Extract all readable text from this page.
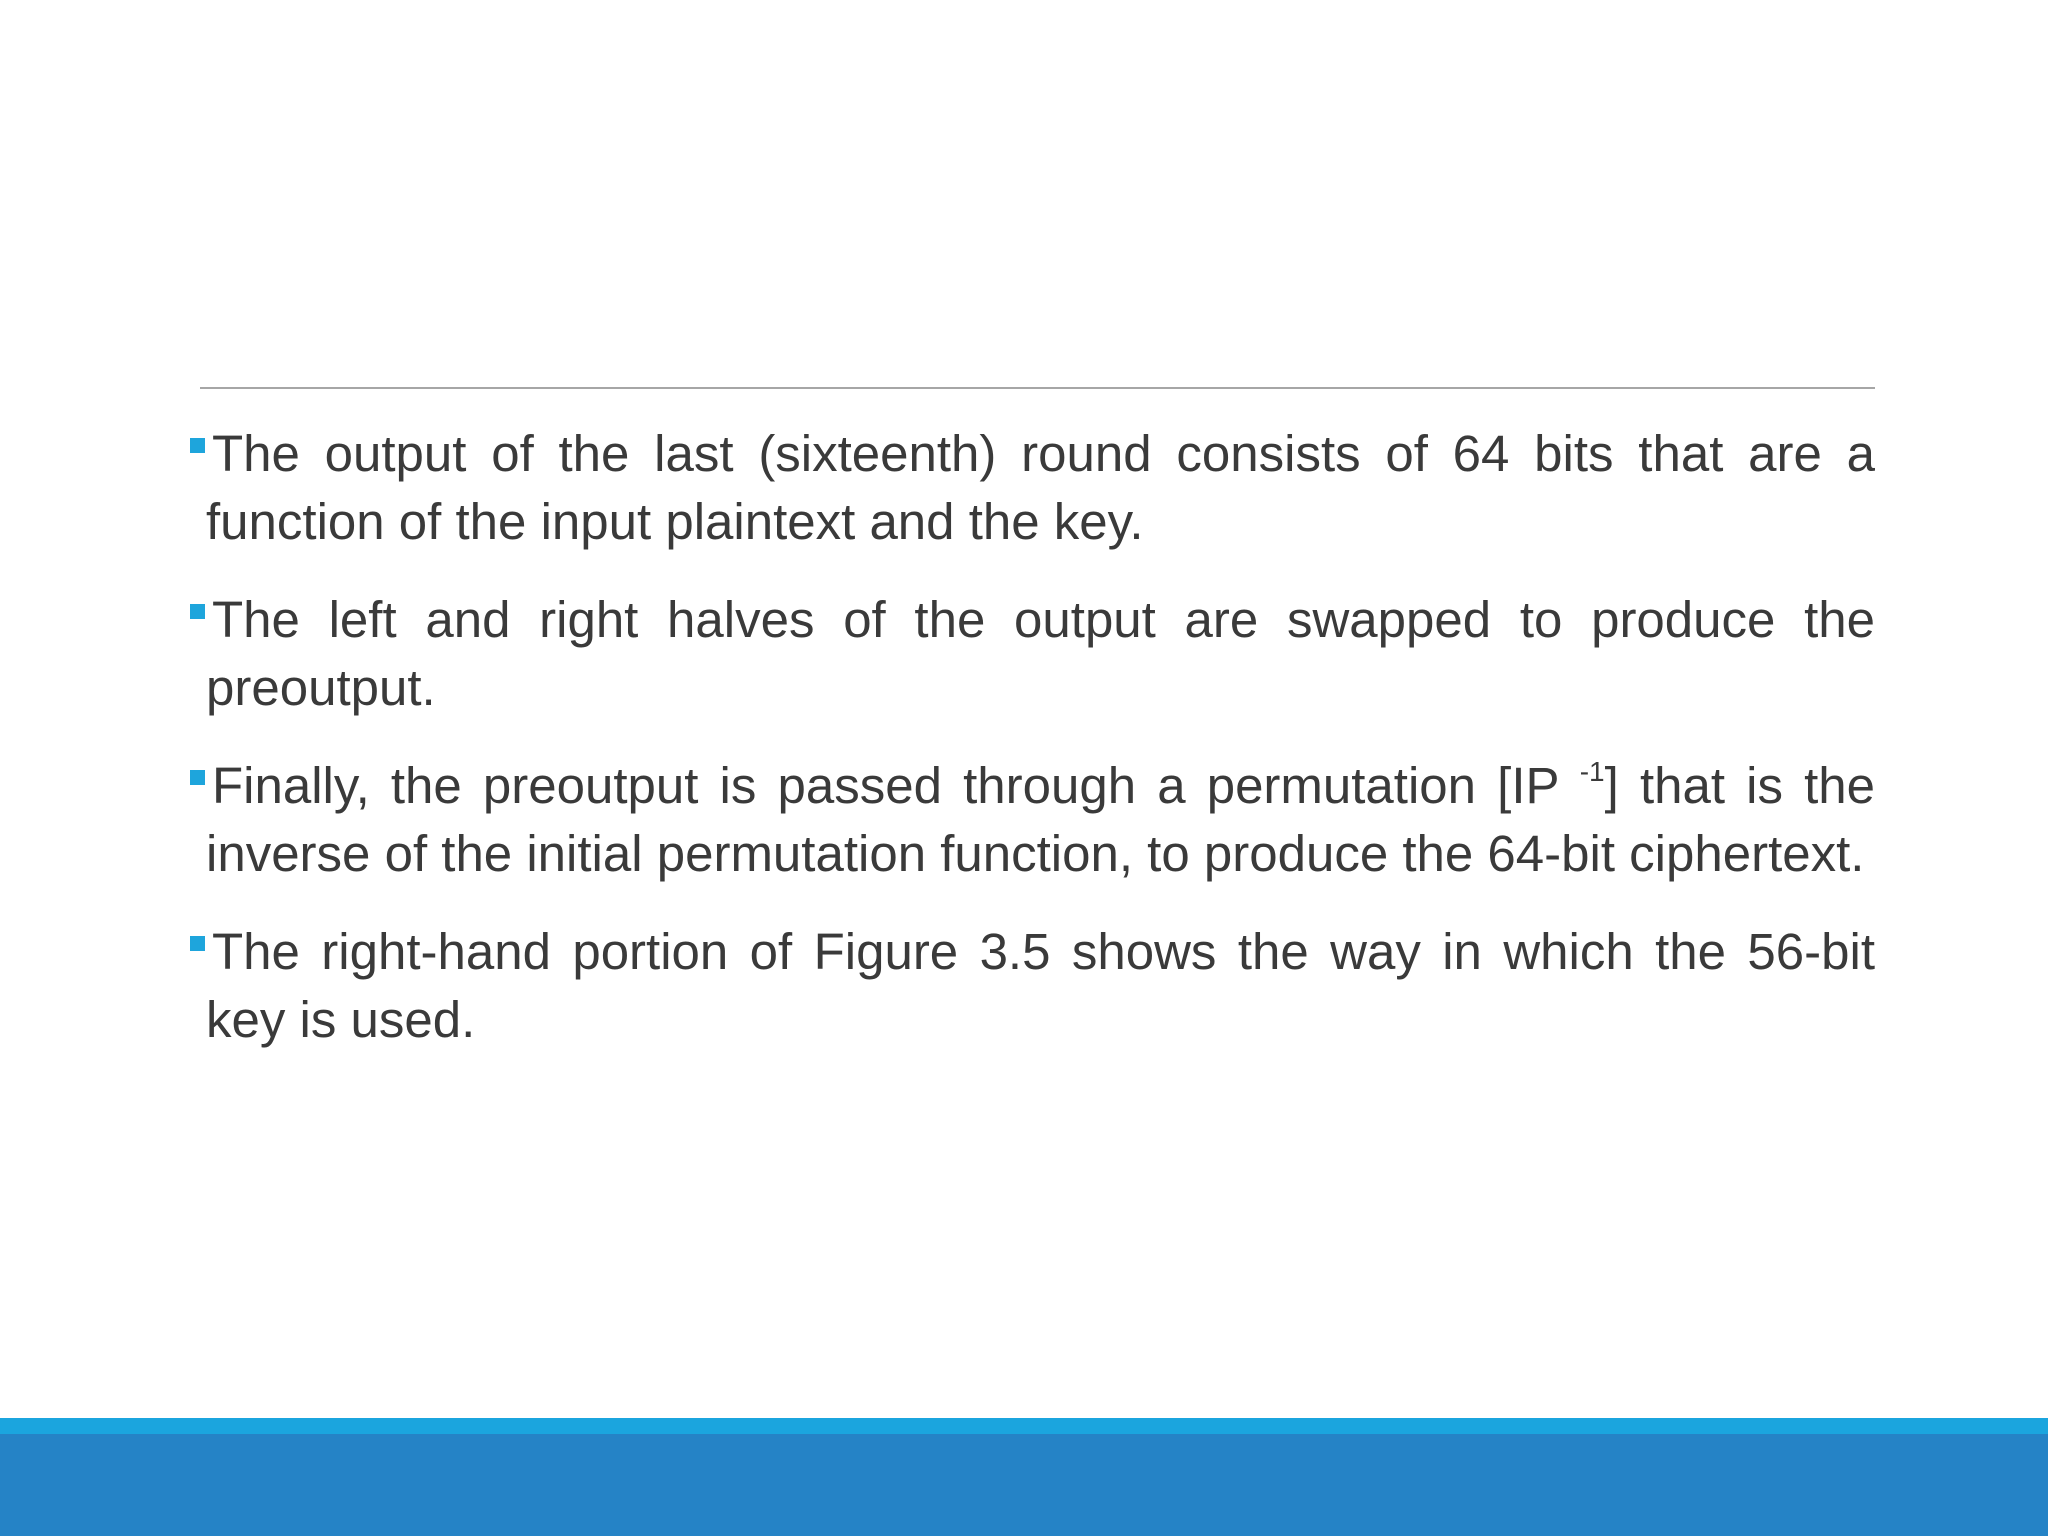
The output of the last (sixteenth) round consists of 64 bits that are a function of the input plaintext and the key.
The left and right halves of the output are swapped to produce the preoutput.
Finally, the preoutput is passed through a permutation [IP $^{-1}$] that is the inverse of the initial permutation function, to produce the 64-bit ciphertext.
The right-hand portion of Figure 3.5 shows the way in which the 56-bit key is used.
